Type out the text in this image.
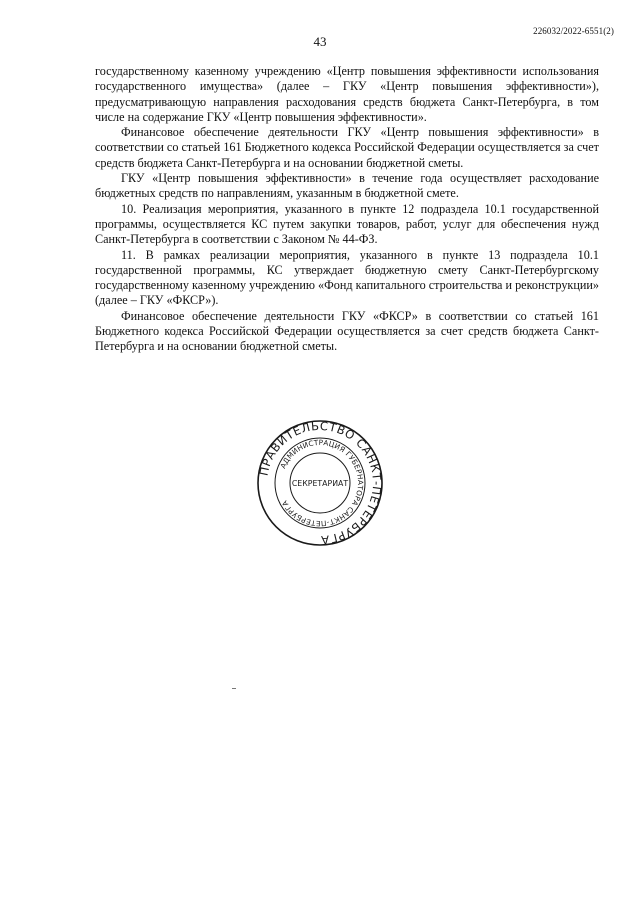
226032/2022-6551(2)
43

государственному казенному учреждению «Центр повышения эффективности использования государственного имущества» (далее – ГКУ «Центр повышения эффективности»), предусматривающую направления расходования средств бюджета Санкт-Петербурга, в том числе на содержание ГКУ «Центр повышения эффективности».

Финансовое обеспечение деятельности ГКУ «Центр повышения эффективности» в соответствии со статьей 161 Бюджетного кодекса Российской Федерации осуществляется за счет средств бюджета Санкт-Петербурга и на основании бюджетной сметы.

ГКУ «Центр повышения эффективности» в течение года осуществляет расходование бюджетных средств по направлениям, указанным в бюджетной смете.

10. Реализация мероприятия, указанного в пункте 12 подраздела 10.1 государственной программы, осуществляется КС путем закупки товаров, работ, услуг для обеспечения нужд Санкт-Петербурга в соответствии с Законом № 44-ФЗ.

11. В рамках реализации мероприятия, указанного в пункте 13 подраздела 10.1 государственной программы, КС утверждает бюджетную смету Санкт-Петербургскому государственному казенному учреждению «Фонд капитального строительства и реконструкции» (далее – ГКУ «ФКСР»).

Финансовое обеспечение деятельности ГКУ «ФКСР» в соответствии со статьей 161 Бюджетного кодекса Российской Федерации осуществляется за счет средств бюджета Санкт-Петербурга и на основании бюджетной сметы.

ПРАВИТЕЛЬСТВО САНКТ-ПЕТЕРБУРГА
АДМИНИСТРАЦИЯ ГУБЕРНАТОРА САНКТ-ПЕТЕРБУРГА
СЕКРЕТАРИАТ
